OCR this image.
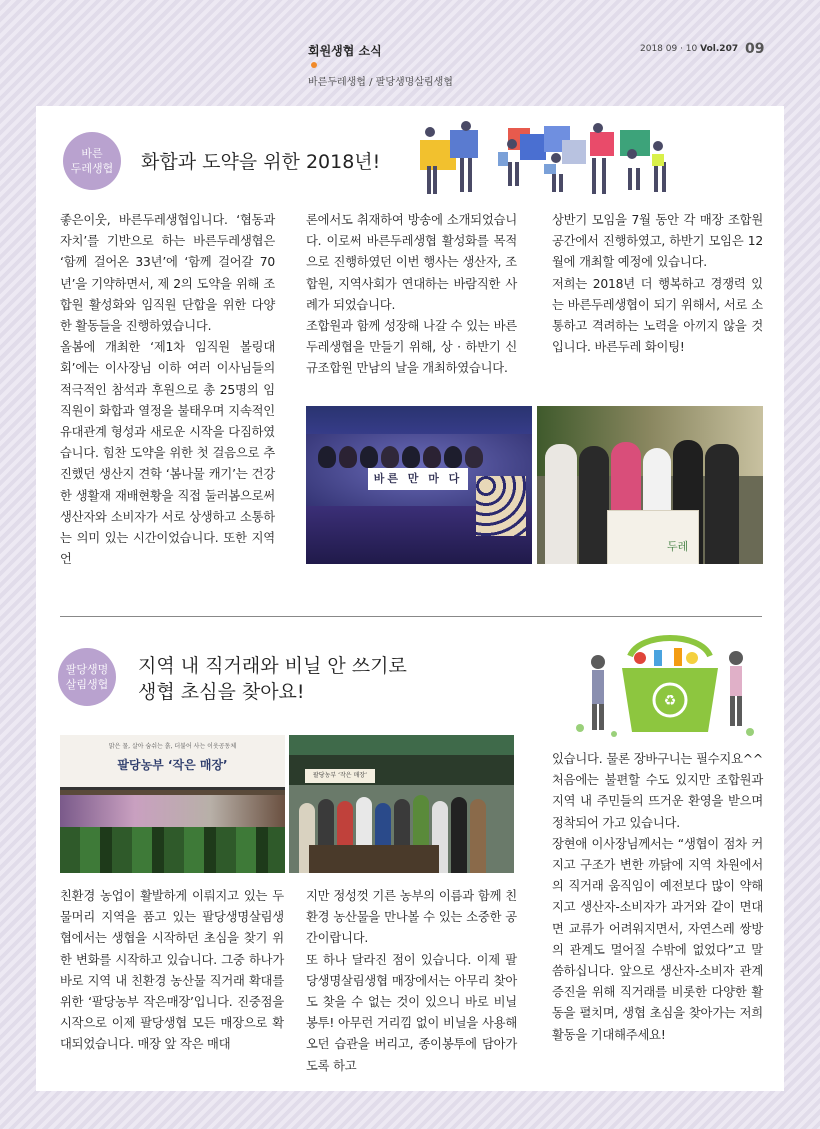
회원생협 소식
바른두레생협 / 팔당생명살림생협
2018 09 · 10 Vol.207 09
바른
두레생협 화합과 도약을 위한 2018년!

좋은이웃, 바른두레생협입니다. ‘협동과 자치’를 기반으로 하는 바른두레생협은 ‘함께 걸어온 33년’에 ‘함께 걸어갈 70년’을 기약하면서, 제 2의 도약을 위해 조합원 활성화와 임직원 단합을 위한 다양한 활동들을 진행하였습니다.

올봄에 개최한 ‘제1차 임직원 볼링대회’에는 이사장님 이하 여러 이사님들의 적극적인 참석과 후원으로 총 25명의 임직원이 화합과 열정을 불태우며 지속적인 유대관계 형성과 새로운 시작을 다짐하였습니다. 힘찬 도약을 위한 첫 걸음으로 추진했던 생산지 견학 ‘봄나물 캐기’는 건강한 생활재 재배현황을 직접 둘러봄으로써 생산자와 소비자가 서로 상생하고 소통하는 의미 있는 시간이었습니다. 또한 지역 언

론에서도 취재하여 방송에 소개되었습니다. 이로써 바른두레생협 활성화를 목적으로 진행하였던 이번 행사는 생산자, 조합원, 지역사회가 연대하는 바람직한 사례가 되었습니다.

조합원과 함께 성장해 나갈 수 있는 바른두레생협을 만들기 위해, 상 · 하반기 신규조합원 만남의 날을 개최하였습니다.

상반기 모임을 7월 동안 각 매장 조합원 공간에서 진행하였고, 하반기 모임은 12월에 개최할 예정에 있습니다.

저희는 2018년 더 행복하고 경쟁력 있는 바른두레생협이 되기 위해서, 서로 소통하고 격려하는 노력을 아끼지 않을 것입니다. 바른두레 화이팅!

바른 만 마 다
두레
팔당생명
살림생협
지역 내 직거래와 비닐 안 쓰기로
생협 초심을 찾아요!	♻
맑은 물, 살아 숨쉬는 흙, 더불어 사는 이웃공동체
팔당농부 ‘작은 매장’
팔당농부 ‘작은 매장’

친환경 농업이 활발하게 이뤄지고 있는 두물머리 지역을 품고 있는 팔당생명살림생협에서는 생협을 시작하던 초심을 찾기 위한 변화를 시작하고 있습니다. 그중 하나가 바로 지역 내 친환경 농산물 직거래 확대를 위한 ‘팔당농부 작은매장’입니다. 진중점을 시작으로 이제 팔당생협 모든 매장으로 확대되었습니다. 매장 앞 작은 매대

지만 정성껏 기른 농부의 이름과 함께 친환경 농산물을 만나볼 수 있는 소중한 공간이랍니다.

또 하나 달라진 점이 있습니다. 이제 팔당생명살림생협 매장에서는 아무리 찾아도 찾을 수 없는 것이 있으니 바로 비닐봉투! 아무런 거리낌 없이 비닐을 사용해오던 습관을 버리고, 종이봉투에 담아가도록 하고

있습니다. 물론 장바구니는 필수지요^^ 처음에는 불편할 수도 있지만 조합원과 지역 내 주민들의 뜨거운 환영을 받으며 정착되어 가고 있습니다.

장현애 이사장님께서는 “생협이 점차 커지고 구조가 변한 까닭에 지역 차원에서의 직거래 움직임이 예전보다 많이 약해지고 생산자-소비자가 과거와 같이 면대면 교류가 어려워지면서, 자연스레 쌍방의 관계도 멀어질 수밖에 없었다”고 말씀하십니다. 앞으로 생산자-소비자 관계 증진을 위해 직거래를 비롯한 다양한 활동을 펼치며, 생협 초심을 찾아가는 저희 활동을 기대해주세요!
